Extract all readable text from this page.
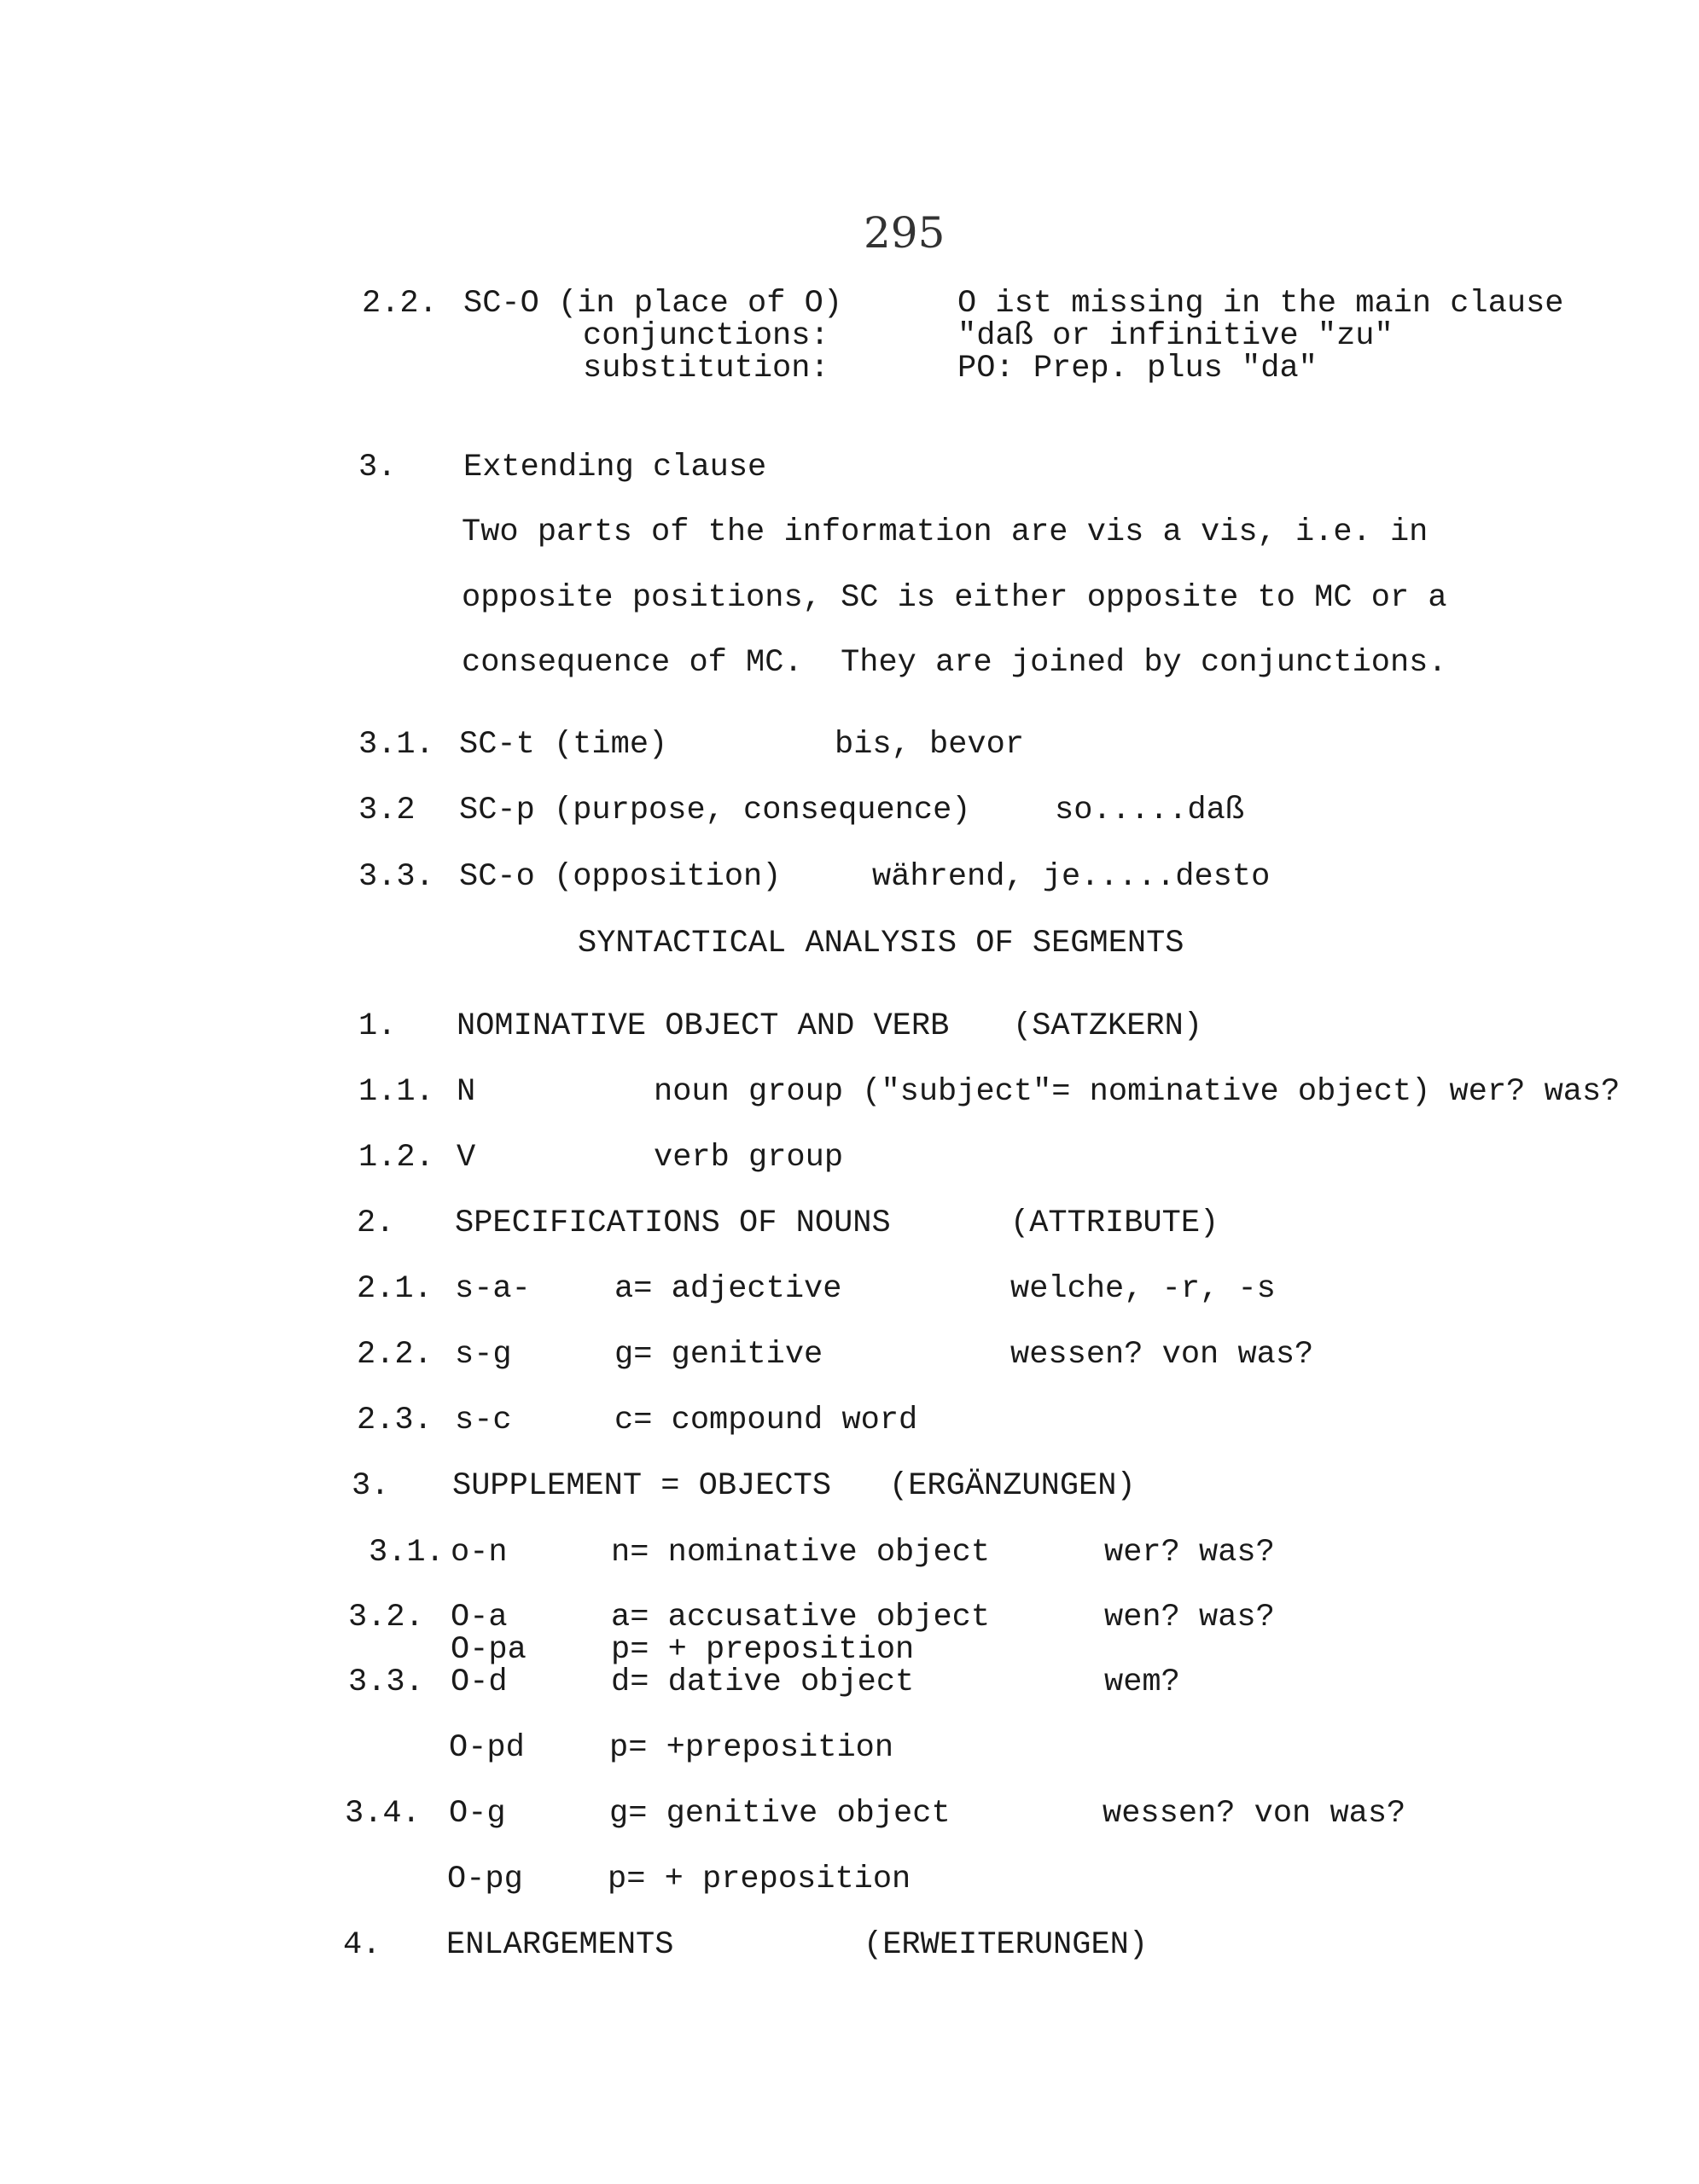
295
2.2. SC-O (in place of O)	O ist missing in the main clause
conjunctions:	"daß or infinitive "zu"
substitution:	PO: Prep. plus "da"
3. Extending clause
Two parts of the information are vis a vis, i.e. in
opposite positions, SC is either opposite to MC or a
consequence of MC.  They are joined by conjunctions.
3.1. SC-t (time)	bis, bevor
3.2 SC-p (purpose, consequence)	so.....daß
3.3. SC-o (opposition)	während, je.....desto
SYNTACTICAL ANALYSIS OF SEGMENTS
1. NOMINATIVE OBJECT AND VERB (SATZKERN)
1.1. N	noun group ("subject"= nominative object) wer? was?
1.2. V	verb group
2. SPECIFICATIONS OF NOUNS	(ATTRIBUTE)
2.1. s-a-	a= adjective	welche, -r, -s
2.2. s-g	g= genitive	wessen? von was?
2.3. s-c	c= compound word
3. SUPPLEMENT = OBJECTS (ERGÄNZUNGEN)
3.1. o-n	n= nominative object	wer? was?
3.2. O-a	a= accusative object	wen? was?
O-pa	p= + preposition
3.3. O-d	d= dative object	wem?
O-pd	p= +preposition
3.4. O-g	g= genitive object	wessen? von was?
O-pg	p= + preposition
4. ENLARGEMENTS	(ERWEITERUNGEN)
